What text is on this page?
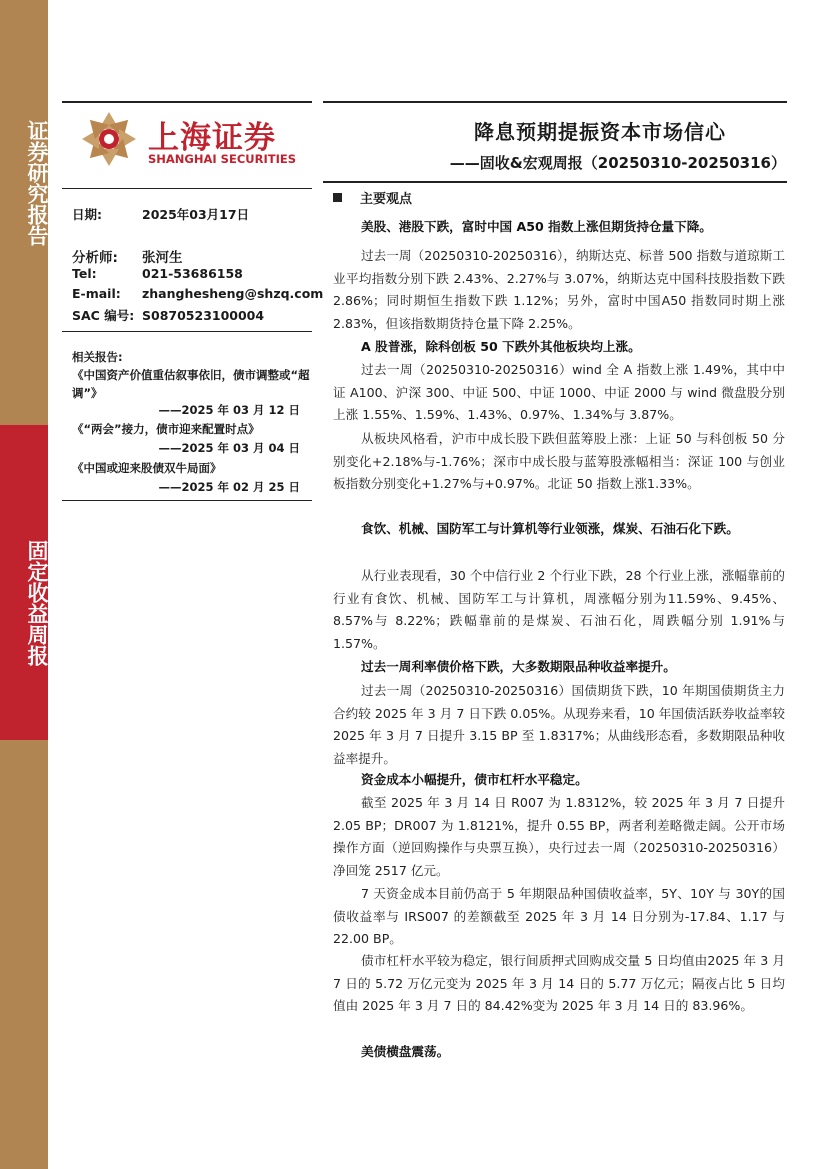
证券研究报告
固定收益周报
上海证券
SHANGHAI SECURITIES
降息预期提振资本市场信心
——固收&宏观周报（20250310-20250316）
日期:	2025年03月17日
分析师: 张河生
Tel:	021-53686158
E-mail: zhanghesheng@shzq.com
SAC 编号: S0870523100004
相关报告:
《中国资产价值重估叙事依旧，债市调整或“超调”》
——2025 年 03 月 12 日
《“两会”接力，债市迎来配置时点》
——2025 年 03 月 04 日
《中国或迎来股债双牛局面》
——2025 年 02 月 25 日
主要观点
美股、港股下跌，富时中国 A50 指数上涨但期货持仓量下降。
过去一周（20250310-20250316），纳斯达克、标普 500 指数与道琼斯工业平均指数分别下跌 2.43%、2.27%与 3.07%，纳斯达克中国科技股指数下跌 2.86%；同时期恒生指数下跌 1.12%；另外，富时中国A50 指数同时期上涨 2.83%，但该指数期货持仓量下降 2.25%。
A 股普涨，除科创板 50 下跌外其他板块均上涨。
过去一周（20250310-20250316）wind 全 A 指数上涨 1.49%，其中中证 A100、沪深 300、中证 500、中证 1000、中证 2000 与 wind 微盘股分别上涨 1.55%、1.59%、1.43%、0.97%、1.34%与 3.87%。
从板块风格看，沪市中成长股下跌但蓝筹股上涨：上证 50 与科创板 50 分别变化+2.18%与-1.76%；深市中成长股与蓝筹股涨幅相当：深证 100 与创业板指数分别变化+1.27%与+0.97%。北证 50 指数上涨1.33%。
食饮、机械、国防军工与计算机等行业领涨，煤炭、石油石化下跌。
从行业表现看，30 个中信行业 2 个行业下跌，28 个行业上涨，涨幅靠前的行业有食饮、机械、国防军工与计算机，周涨幅分别为11.59%、9.45%、8.57%与 8.22%；跌幅靠前的是煤炭、石油石化，周跌幅分别 1.91%与 1.57%。
过去一周利率债价格下跌，大多数期限品种收益率提升。
过去一周（20250310-20250316）国债期货下跌，10 年期国债期货主力合约较 2025 年 3 月 7 日下跌 0.05%。从现券来看，10 年国债活跃券收益率较 2025 年 3 月 7 日提升 3.15 BP 至 1.8317%；从曲线形态看，多数期限品种收益率提升。
资金成本小幅提升，债市杠杆水平稳定。
截至 2025 年 3 月 14 日 R007 为 1.8312%，较 2025 年 3 月 7 日提升2.05 BP；DR007 为 1.8121%，提升 0.55 BP，两者利差略微走阔。公开市场操作方面（逆回购操作与央票互换），央行过去一周（20250310-20250316）净回笼 2517 亿元。
7 天资金成本目前仍高于 5 年期限品种国债收益率，5Y、10Y 与 30Y的国债收益率与 IRS007 的差额截至 2025 年 3 月 14 日分别为-17.84、1.17 与 22.00 BP。
债市杠杆水平较为稳定，银行间质押式回购成交量 5 日均值由2025 年 3 月 7 日的 5.72 万亿元变为 2025 年 3 月 14 日的 5.77 万亿元；隔夜占比 5 日均值由 2025 年 3 月 7 日的 84.42%变为 2025 年 3 月 14 日的 83.96%。
美债横盘震荡。
